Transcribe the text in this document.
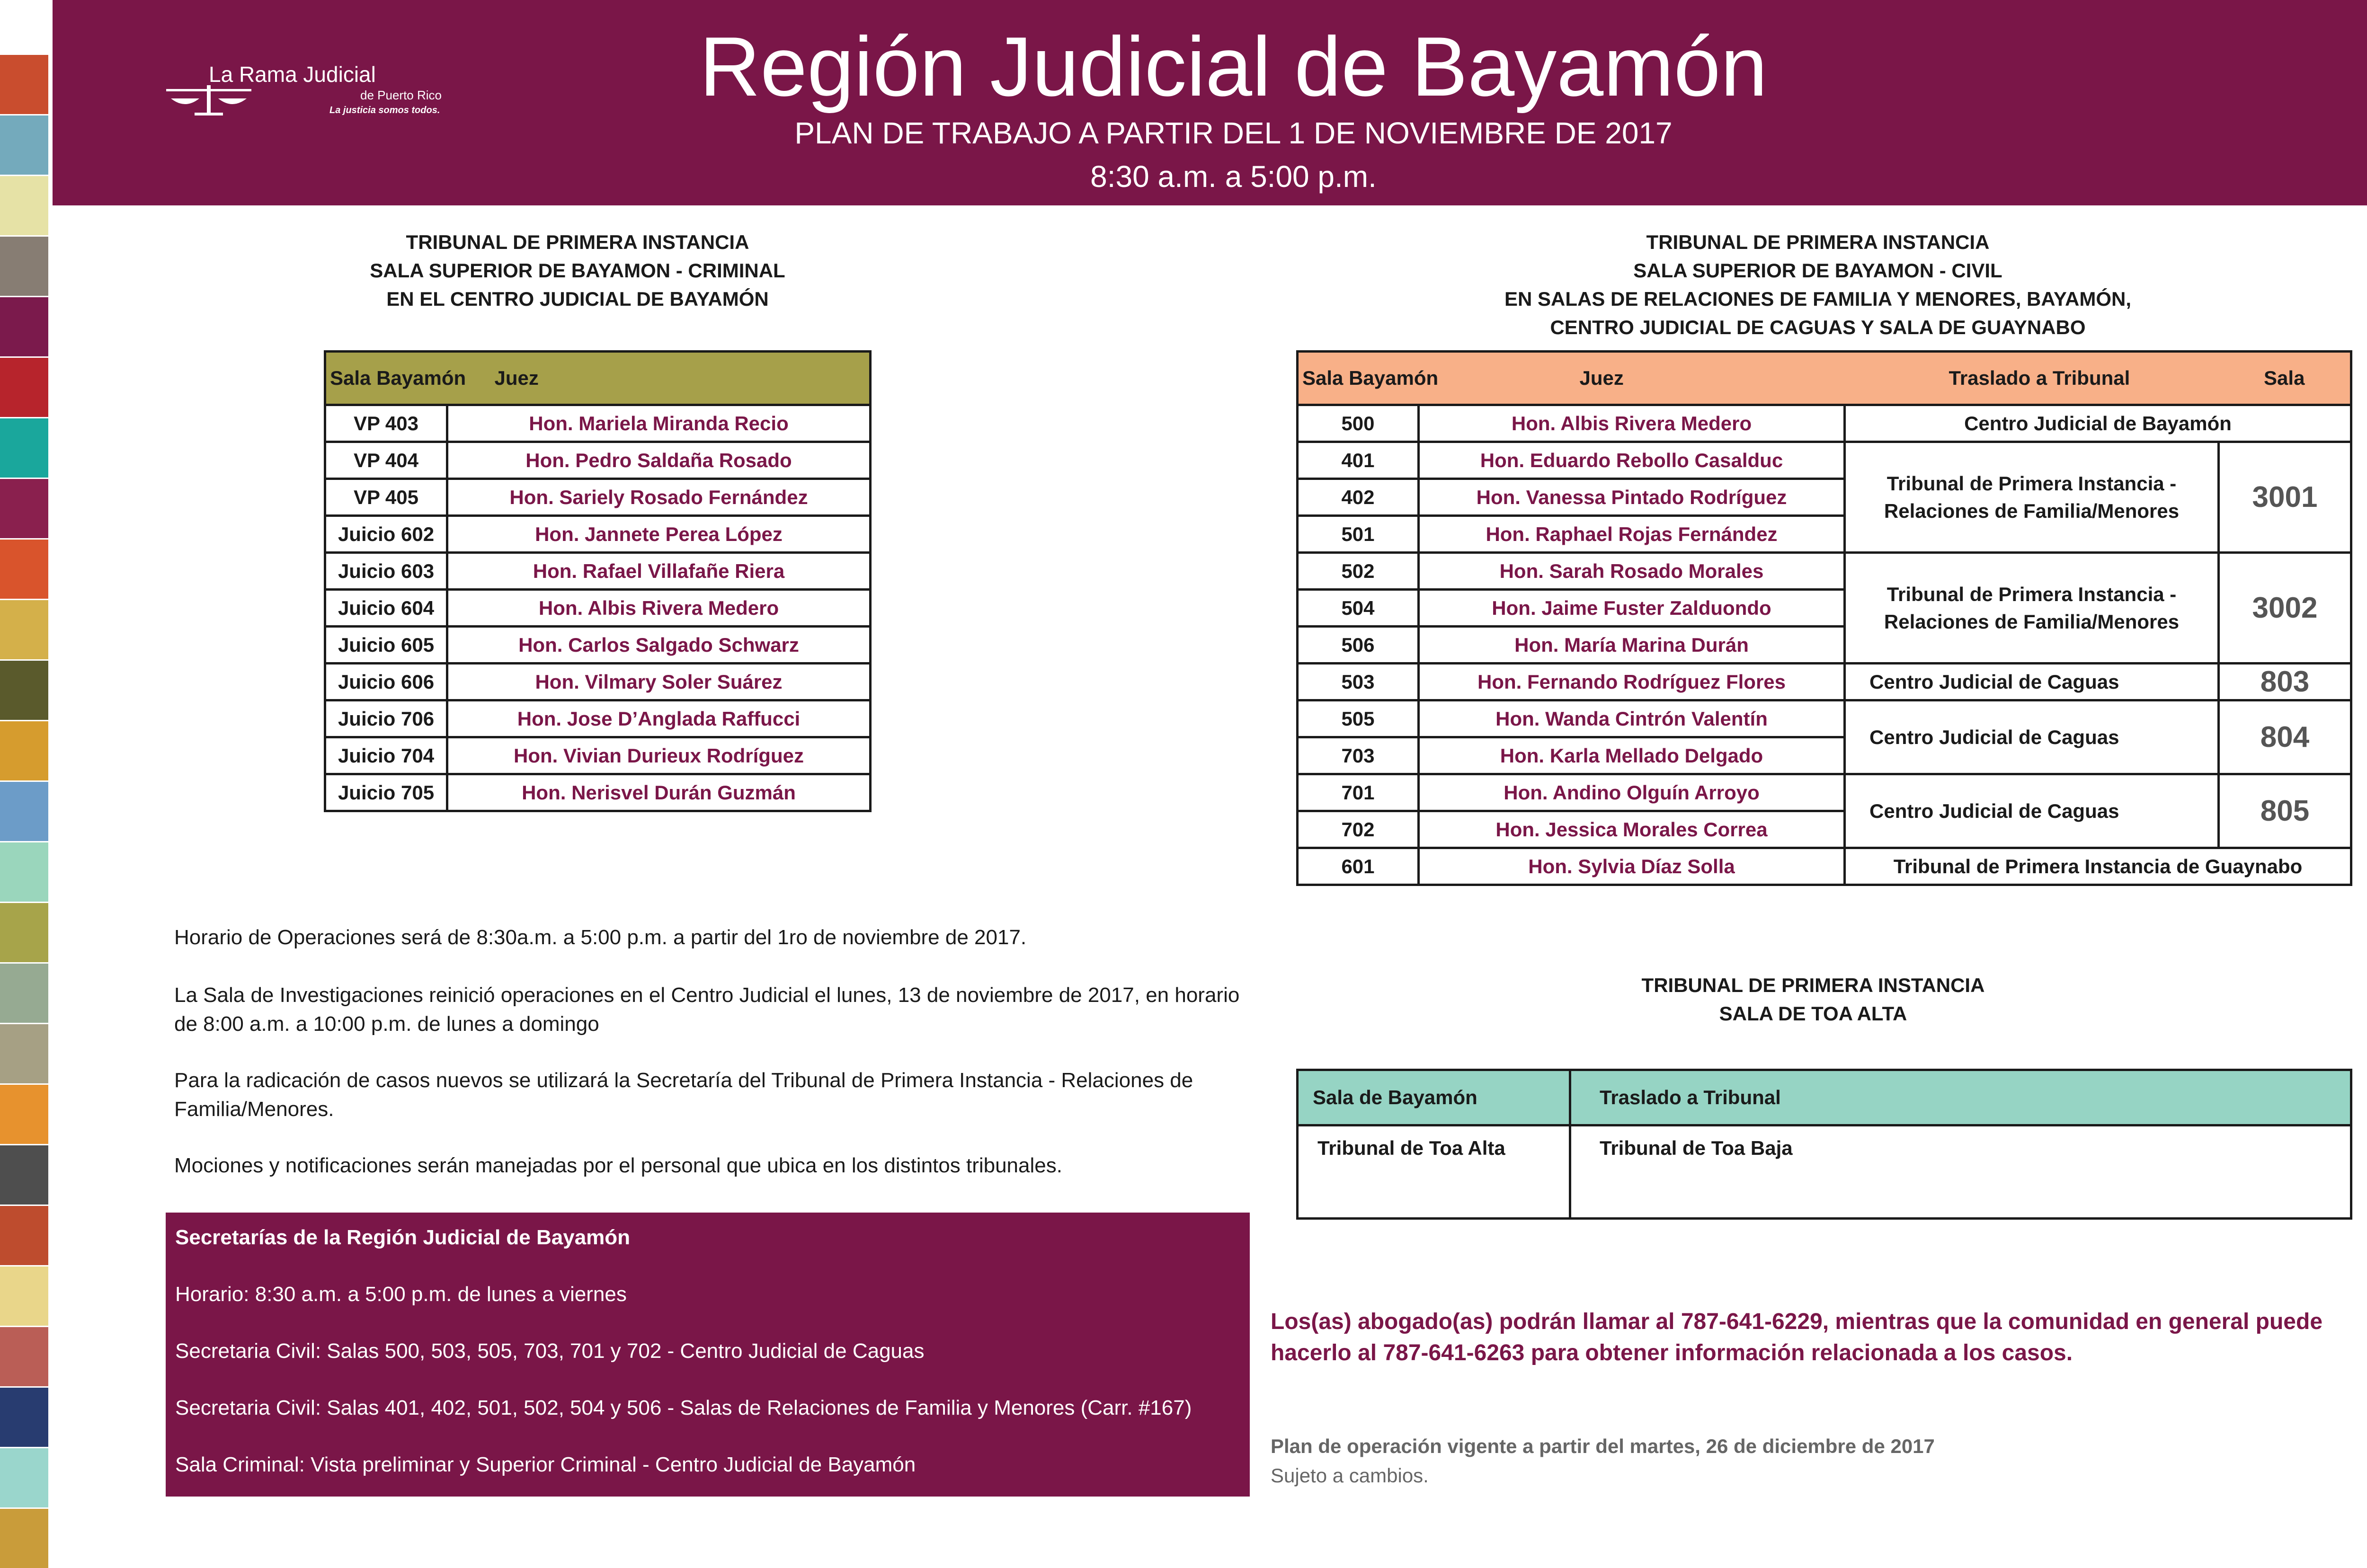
La Rama Judicial
de Puerto Rico
La justicia somos todos.	Región Judicial de Bayamón
PLAN DE TRABAJO A PARTIR DEL 1 DE NOVIEMBRE DE 2017
8:30 a.m. a 5:00 p.m.
TRIBUNAL DE PRIMERA INSTANCIA
SALA SUPERIOR DE BAYAMON - CRIMINAL
EN EL CENTRO JUDICIAL DE BAYAMÓN
Sala Bayamón	Juez
VP 403	Hon. Mariela Miranda Recio
VP 404	Hon. Pedro Saldaña Rosado
VP 405	Hon. Sariely Rosado Fernández
Juicio 602	Hon. Jannete Perea López
Juicio 603	Hon. Rafael Villafañe Riera
Juicio 604	Hon. Albis Rivera Medero
Juicio 605	Hon. Carlos Salgado Schwarz
Juicio 606	Hon. Vilmary Soler Suárez
Juicio 706	Hon. Jose D’Anglada Raffucci
Juicio 704	Hon. Vivian Durieux Rodríguez
Juicio 705	Hon. Nerisvel Durán Guzmán
TRIBUNAL DE PRIMERA INSTANCIA
SALA SUPERIOR DE BAYAMON - CIVIL
EN SALAS DE RELACIONES DE FAMILIA Y MENORES, BAYAMÓN,
CENTRO JUDICIAL DE CAGUAS Y SALA DE GUAYNABO
Sala Bayamón	Juez	Traslado a Tribunal	Sala
500	Hon. Albis Rivera Medero	Centro Judicial de Bayamón	
401	Hon. Eduardo Rebollo Casalduc	Tribunal de Primera Instancia - Relaciones de Familia/Menores	3001
402	Hon. Vanessa Pintado Rodríguez		
501	Hon. Raphael Rojas Fernández		
502	Hon. Sarah Rosado Morales	Tribunal de Primera Instancia - Relaciones de Familia/Menores	3002
504	Hon. Jaime Fuster Zalduondo		
506	Hon. María Marina Durán		
503	Hon. Fernando Rodríguez Flores	Centro Judicial de Caguas	803
505	Hon. Wanda Cintrón Valentín	Centro Judicial de Caguas	804
703	Hon. Karla Mellado Delgado		
701	Hon. Andino Olguín Arroyo	Centro Judicial de Caguas	805
702	Hon. Jessica Morales Correa		
601	Hon. Sylvia Díaz Solla	Tribunal de Primera Instancia de Guaynabo	
TRIBUNAL DE PRIMERA INSTANCIA
SALA DE TOA ALTA
Sala de Bayamón	Traslado a Tribunal
Tribunal de Toa Alta	Tribunal de Toa Baja
Horario de Operaciones será de 8:30a.m. a 5:00 p.m. a partir del 1ro de noviembre de 2017.
La Sala de Investigaciones reinició operaciones en el Centro Judicial el lunes, 13 de noviembre de 2017, en horario de 8:00 a.m. a 10:00 p.m. de lunes a domingo
Para la radicación de casos nuevos se utilizará la Secretaría del Tribunal de Primera Instancia - Relaciones de Familia/Menores.
Mociones y notificaciones serán manejadas por el personal que ubica en los distintos tribunales.
Secretarías de la Región Judicial de Bayamón
Horario: 8:30 a.m. a 5:00 p.m. de lunes a viernes
Secretaria Civil: Salas 500, 503, 505, 703, 701 y 702 - Centro Judicial de Caguas
Secretaria Civil: Salas 401, 402, 501, 502, 504 y 506 - Salas de Relaciones de Familia y Menores (Carr. #167)
Sala Criminal: Vista preliminar y Superior Criminal - Centro Judicial de Bayamón
Los(as) abogado(as) podrán llamar al 787-641-6229, mientras que la comunidad en general puede hacerlo al 787-641-6263 para obtener información relacionada a los casos.
Plan de operación vigente a partir del martes, 26 de diciembre de 2017
Sujeto a cambios.
